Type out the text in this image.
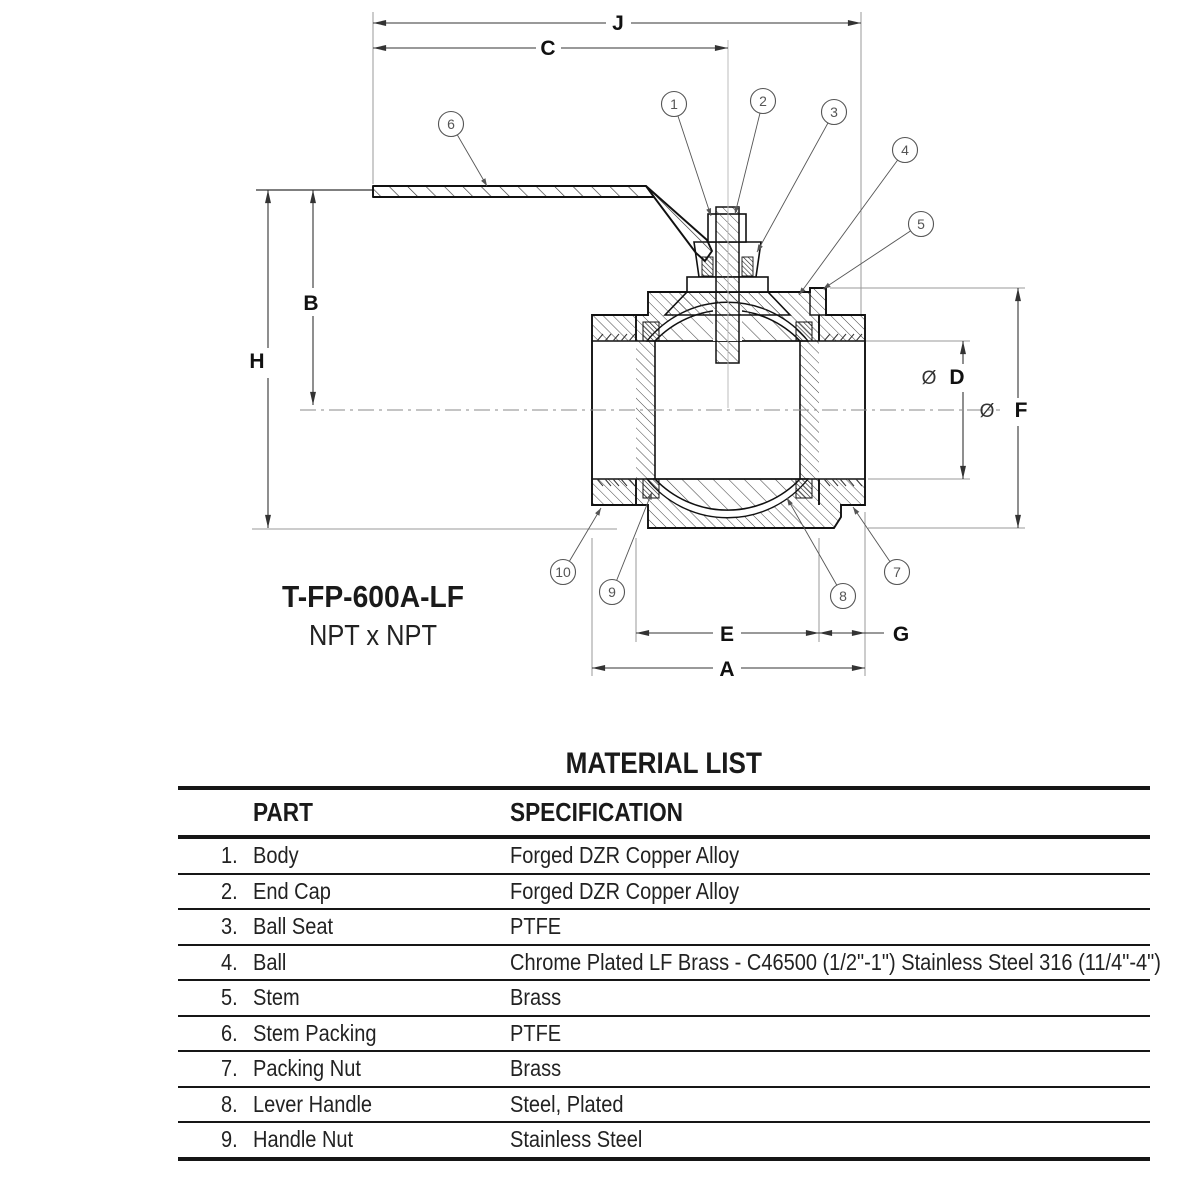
J
C
H
B
Ø D
Ø F
E	G
A
1	2
3
4
5
6
7
8
9
10
T-FP-600A-LF
NPT x NPT
MATERIAL LIST
PART	SPECIFICATION
1. Body	Forged DZR Copper Alloy
2. End Cap	Forged DZR Copper Alloy
3. Ball Seat	PTFE
4. Ball	Chrome Plated LF Brass - C46500 (1/2"-1") Stainless Steel 316 (11/4"-4")
5. Stem	Brass
6. Stem Packing	PTFE
7. Packing Nut	Brass
8. Lever Handle	Steel, Plated
9. Handle Nut	Stainless Steel
